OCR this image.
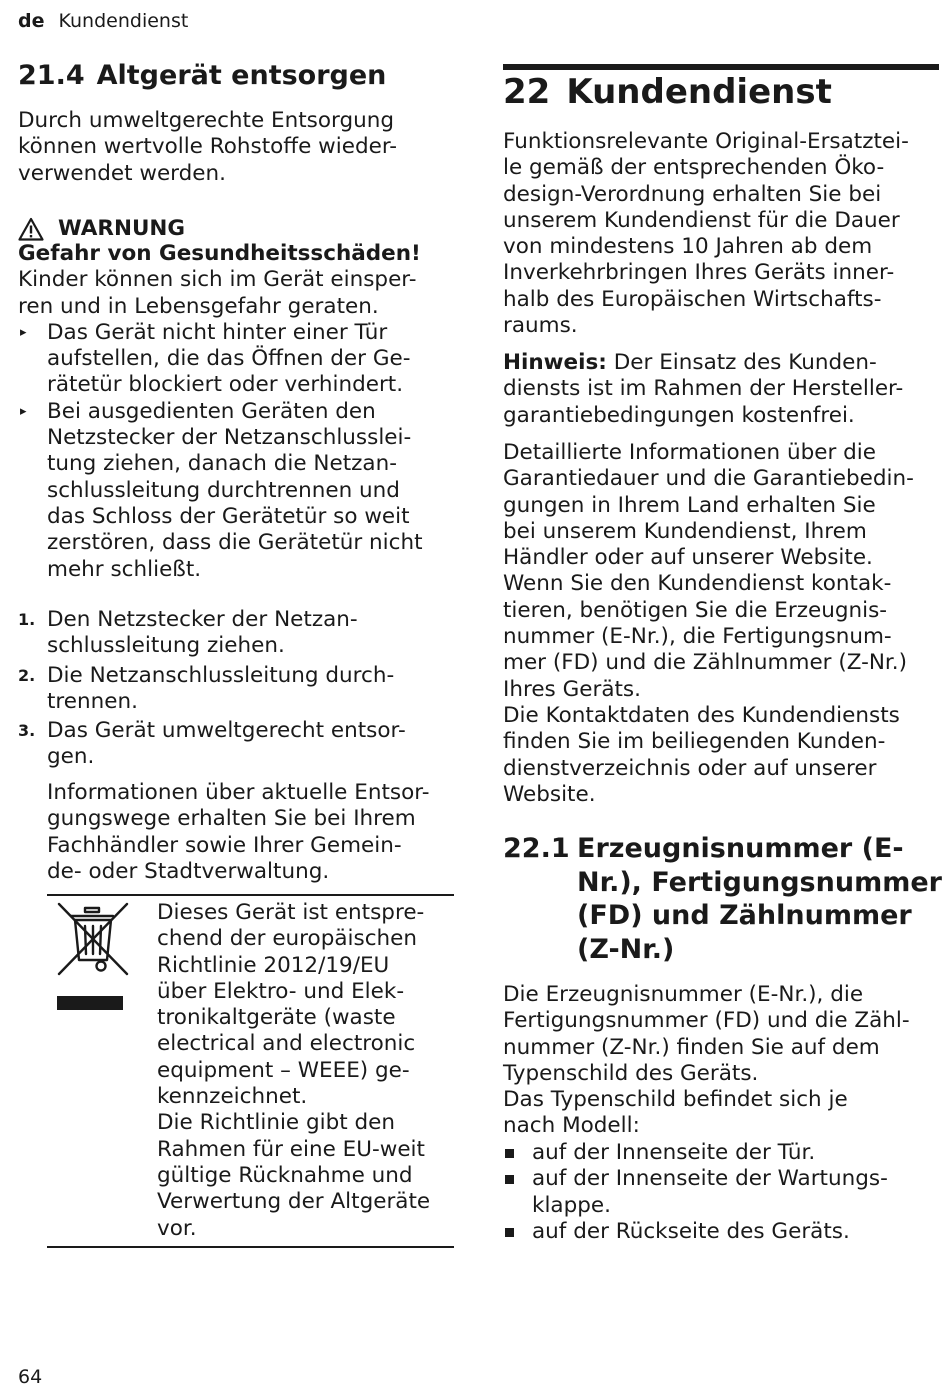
de Kundendienst
21.4 Altgerät entsorgen
Durch umweltgerechte Entsorgung
können wertvolle Rohstoffe wieder-
verwendet werden.
WARNUNG
Gefahr von Gesundheitsschäden!
Kinder können sich im Gerät einsper-
ren und in Lebensgefahr geraten.
▸ Das Gerät nicht hinter einer Tür
aufstellen, die das Öffnen der Ge-
rätetür blockiert oder verhindert.
▸ Bei ausgedienten Geräten den
Netzstecker der Netzanschlusslei-
tung ziehen, danach die Netzan-
schlussleitung durchtrennen und
das Schloss der Gerätetür so weit
zerstören, dass die Gerätetür nicht
mehr schließt.
1. Den Netzstecker der Netzan-
schlussleitung ziehen.
2. Die Netzanschlussleitung durch-
trennen.
3. Das Gerät umweltgerecht entsor-
gen.
Informationen über aktuelle Entsor-
gungswege erhalten Sie bei Ihrem
Fachhändler sowie Ihrer Gemein-
de- oder Stadtverwaltung.
Dieses Gerät ist entspre-
chend der europäischen
Richtlinie 2012/19/EU
über Elektro- und Elek-
tronikaltgeräte (waste
electrical and electronic
equipment – WEEE) ge-
kennzeichnet.
Die Richtlinie gibt den
Rahmen für eine EU-weit
gültige Rücknahme und
Verwertung der Altgeräte
vor.
22 Kundendienst
Funktionsrelevante Original-Ersatztei-
le gemäß der entsprechenden Öko-
design-Verordnung erhalten Sie bei
unserem Kundendienst für die Dauer
von mindestens 10 Jahren ab dem
Inverkehrbringen Ihres Geräts inner-
halb des Europäischen Wirtschafts-
raums.
Hinweis: Der Einsatz des Kunden-
diensts ist im Rahmen der Hersteller-
garantiebedingungen kostenfrei.
Detaillierte Informationen über die
Garantiedauer und die Garantiebedin-
gungen in Ihrem Land erhalten Sie
bei unserem Kundendienst, Ihrem
Händler oder auf unserer Website.
Wenn Sie den Kundendienst kontak-
tieren, benötigen Sie die Erzeugnis-
nummer (E-Nr.), die Fertigungsnum-
mer (FD) und die Zählnummer (Z-Nr.)
Ihres Geräts.
Die Kontaktdaten des Kundendiensts
finden Sie im beiliegenden Kunden-
dienstverzeichnis oder auf unserer
Website.
22.1 Erzeugnisnummer (E-
Nr.), Fertigungsnummer
(FD) und Zählnummer
(Z-Nr.)
Die Erzeugnisnummer (E-Nr.), die
Fertigungsnummer (FD) und die Zähl-
nummer (Z-Nr.) finden Sie auf dem
Typenschild des Geräts.
Das Typenschild befindet sich je
nach Modell:
auf der Innenseite der Tür.
auf der Innenseite der Wartungs-
klappe.
auf der Rückseite des Geräts.
64
